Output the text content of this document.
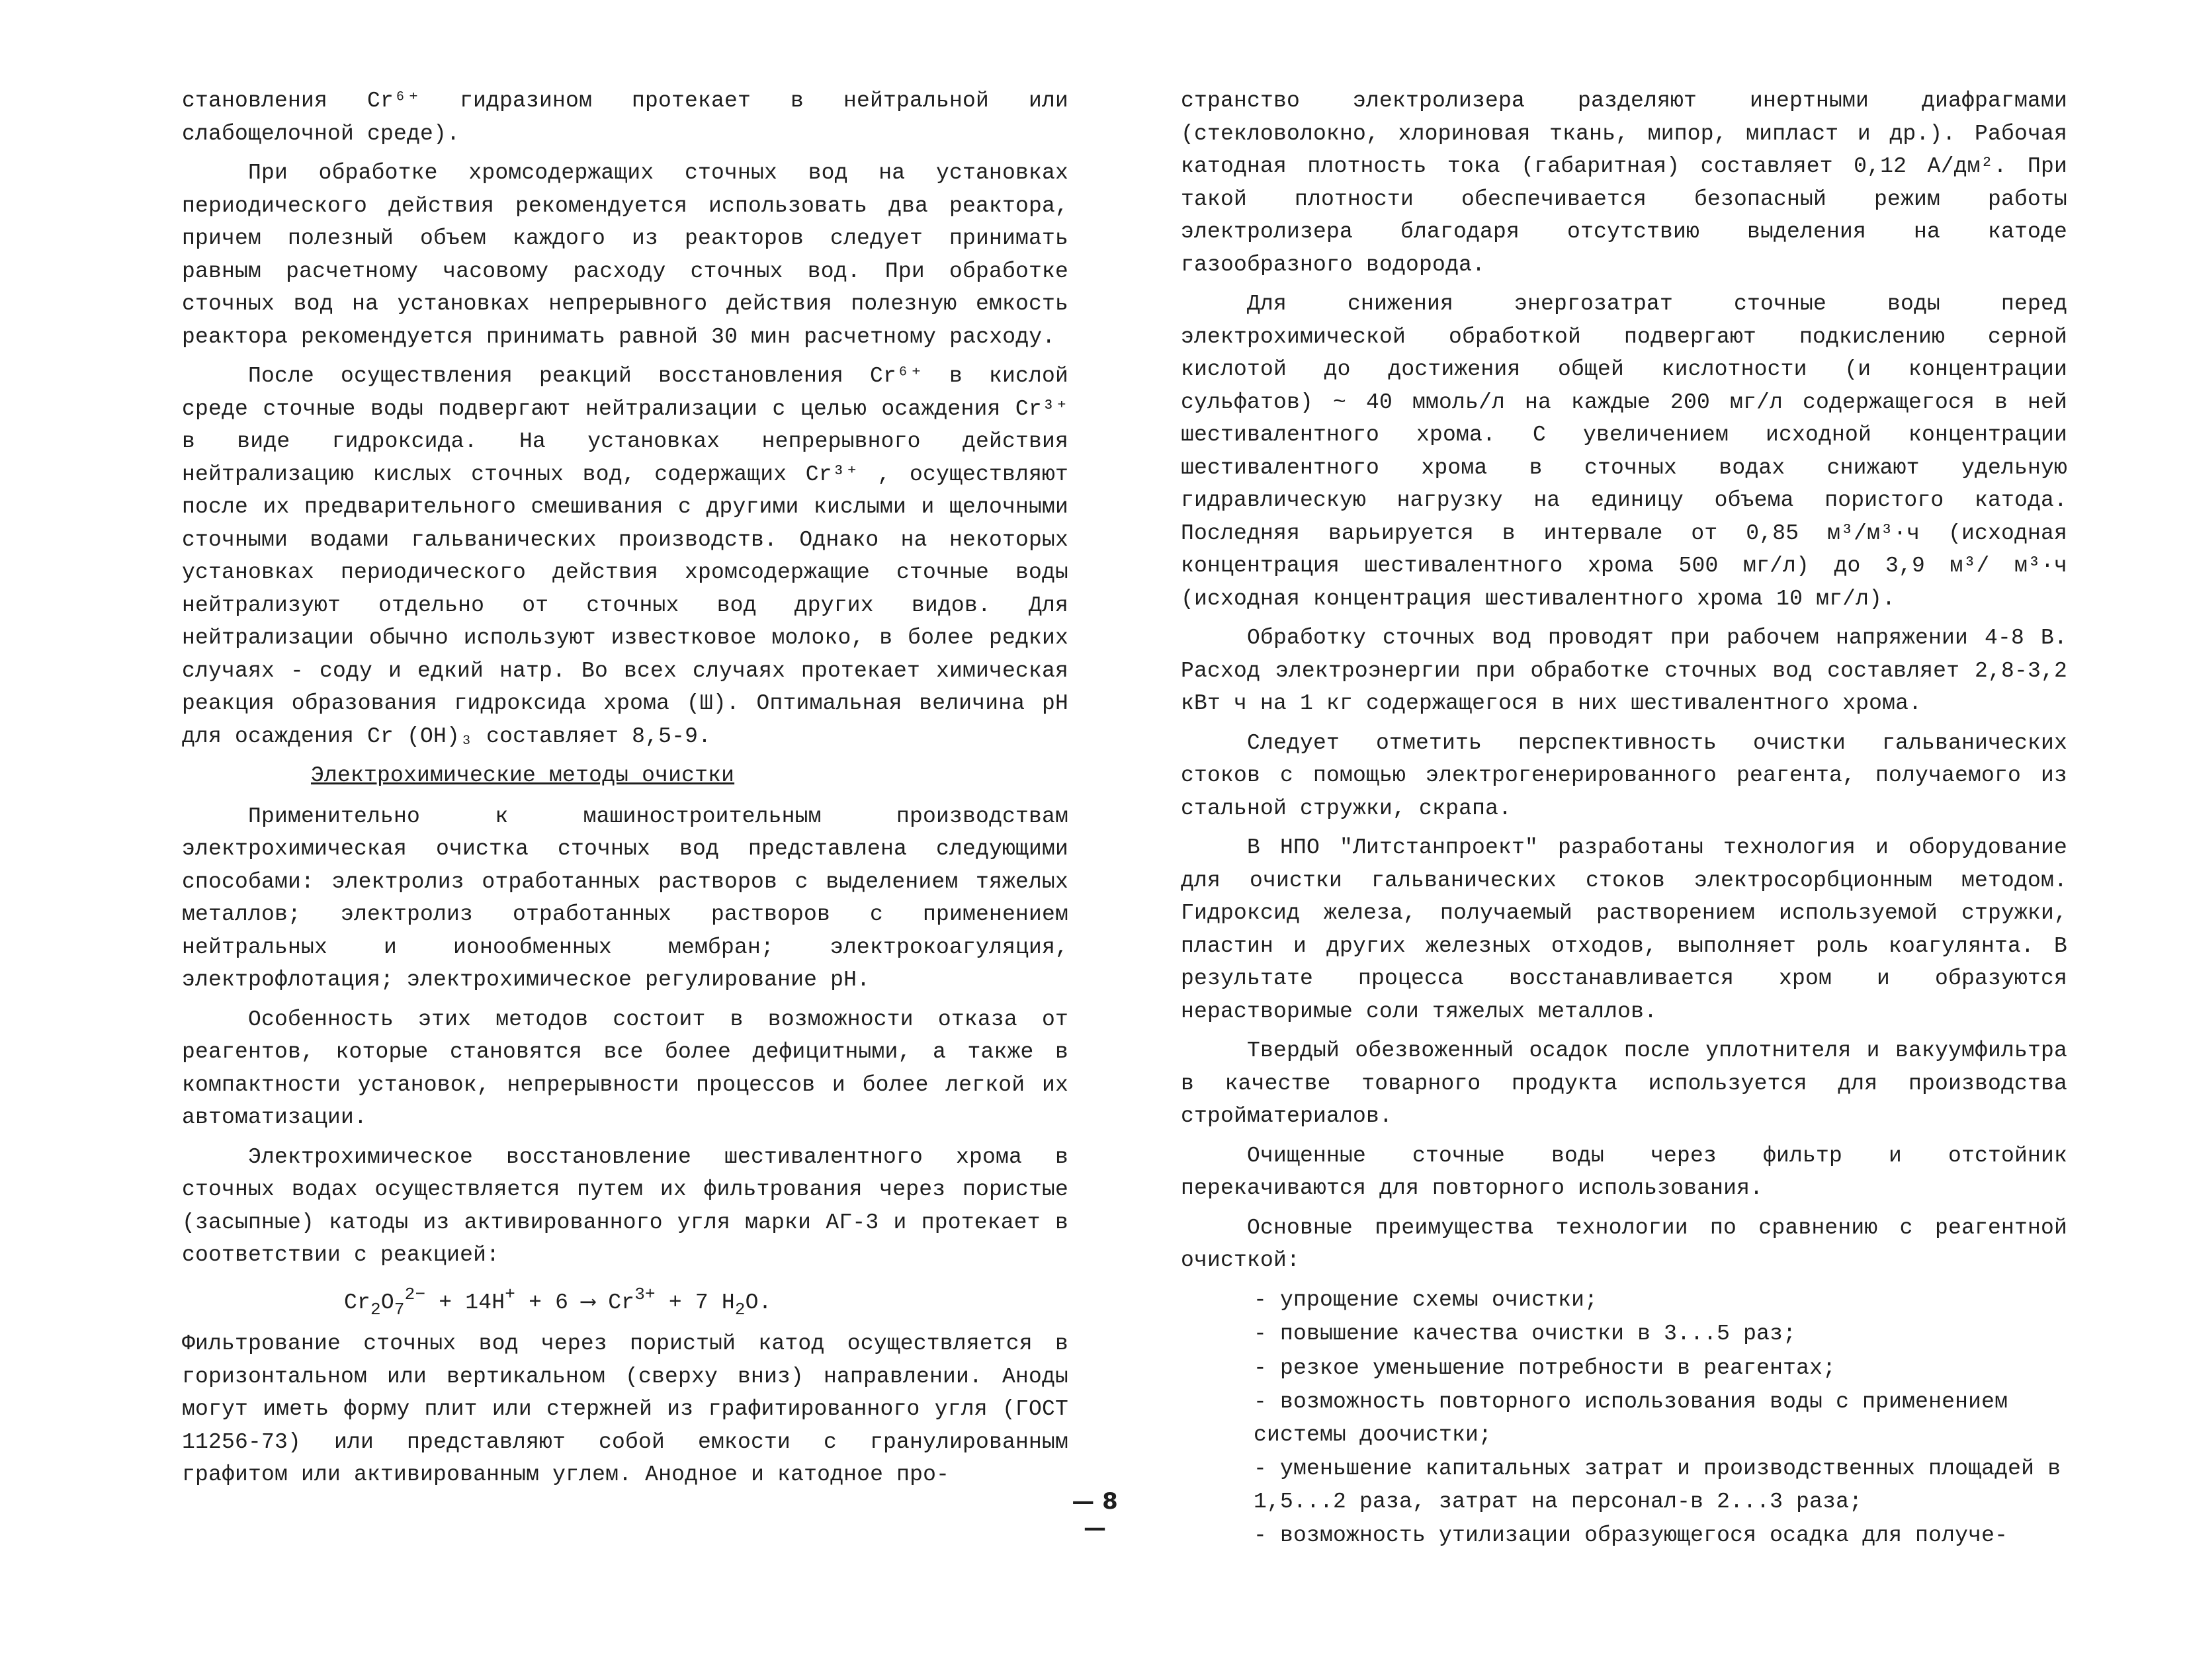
становления Cr⁶⁺ гидразином протекает в нейтральной или слабощелочной среде).

При обработке хромсодержащих сточных вод на установках периодического действия рекомендуется использовать два реактора, причем полезный объем каждого из реакторов следует принимать равным расчетному часовому расходу сточных вод. При обработке сточных вод на установках непрерывного действия полезную емкость реактора рекомендуется принимать равной 30 мин расчетному расходу.

После осуществления реакций восстановления Cr⁶⁺ в кислой среде сточные воды подвергают нейтрализации с целью осаждения Cr³⁺ в виде гидроксида. На установках непрерывного действия нейтрализацию кислых сточных вод, содержащих Cr³⁺ , осуществляют после их предварительного смешивания с другими кислыми и щелочными сточными водами гальванических производств. Однако на некоторых установках периодического действия хромсодержащие сточные воды нейтрализуют отдельно от сточных вод других видов. Для нейтрализации обычно используют известковое молоко, в более редких случаях - соду и едкий натр. Во всех случаях протекает химическая реакция образования гидроксида хрома (Ш). Оптимальная величина pH для осаждения Cr (OH)₃ составляет 8,5-9.

Электрохимические методы очистки

Применительно к машиностроительным производствам электрохимическая очистка сточных вод представлена следующими способами: электролиз отработанных растворов с выделением тяжелых металлов; электролиз отработанных растворов с применением нейтральных и ионообменных мембран; электрокоагуляция, электрофлотация; электрохимическое регулирование pH.

Особенность этих методов состоит в возможности отказа от реагентов, которые становятся все более дефицитными, а также в компактности установок, непрерывности процессов и более легкой их автоматизации.

Электрохимическое восстановление шестивалентного хрома в сточных водах осуществляется путем их фильтрования через пористые (засыпные) катоды из активированного угля марки АГ-3 и протекает в соответствии с реакцией:

$Cr_2O_7^{2-} + 14H^+ + 6$ ⟶ $Cr^{3+} + 7$ $H_2O$.

Фильтрование сточных вод через пористый катод осуществляется в горизонтальном или вертикальном (сверху вниз) направлении. Аноды могут иметь форму плит или стержней из графитированного угля (ГОСТ 11256-73) или представляют собой емкости с гранулированным графитом или активированным углем. Анодное и катодное про-

странство электролизера разделяют инертными диафрагмами (стекловолокно, хлориновая ткань, мипор, мипласт и др.). Рабочая катодная плотность тока (габаритная) составляет 0,12 А/дм². При такой плотности обеспечивается безопасный режим работы электролизера благодаря отсутствию выделения на катоде газообразного водорода.

Для снижения энергозатрат сточные воды перед электрохимической обработкой подвергают подкислению серной кислотой до достижения общей кислотности (и концентрации сульфатов) ~ 40 ммоль/л на каждые 200 мг/л содержащегося в ней шестивалентного хрома. С увеличением исходной концентрации шестивалентного хрома в сточных водах снижают удельную гидравлическую нагрузку на единицу объема пористого катода. Последняя варьируется в интервале от 0,85 м³/м³·ч (исходная концентрация шестивалентного хрома 500 мг/л) до 3,9 м³/ м³·ч (исходная концентрация шестивалентного хрома 10 мг/л).

Обработку сточных вод проводят при рабочем напряжении 4-8 В. Расход электроэнергии при обработке сточных вод составляет 2,8-3,2 кВт ч на 1 кг содержащегося в них шестивалентного хрома.

Следует отметить перспективность очистки гальванических стоков с помощью электрогенерированного реагента, получаемого из стальной стружки, скрапа.

В НПО "Литстанпроект" разработаны технология и оборудование для очистки гальванических стоков электросорбционным методом. Гидроксид железа, получаемый растворением используемой стружки, пластин и других железных отходов, выполняет роль коагулянта. В результате процесса восстанавливается хром и образуются нерастворимые соли тяжелых металлов.

Твердый обезвоженный осадок после уплотнителя и вакуумфильтра в качестве товарного продукта используется для производства стройматериалов.

Очищенные сточные воды через фильтр и отстойник перекачиваются для повторного использования.

Основные преимущества технологии по сравнению с реагентной очисткой:

- упрощение схемы очистки;
- повышение качества очистки в 3...5 раз;
- резкое уменьшение потребности в реагентах;
- возможность повторного использования воды с применением системы доочистки;
- уменьшение капитальных затрат и производственных площадей в 1,5...2 раза, затрат на персонал-в 2...3 раза;
- возможность утилизации образующегося осадка для получе-
— 8 —
